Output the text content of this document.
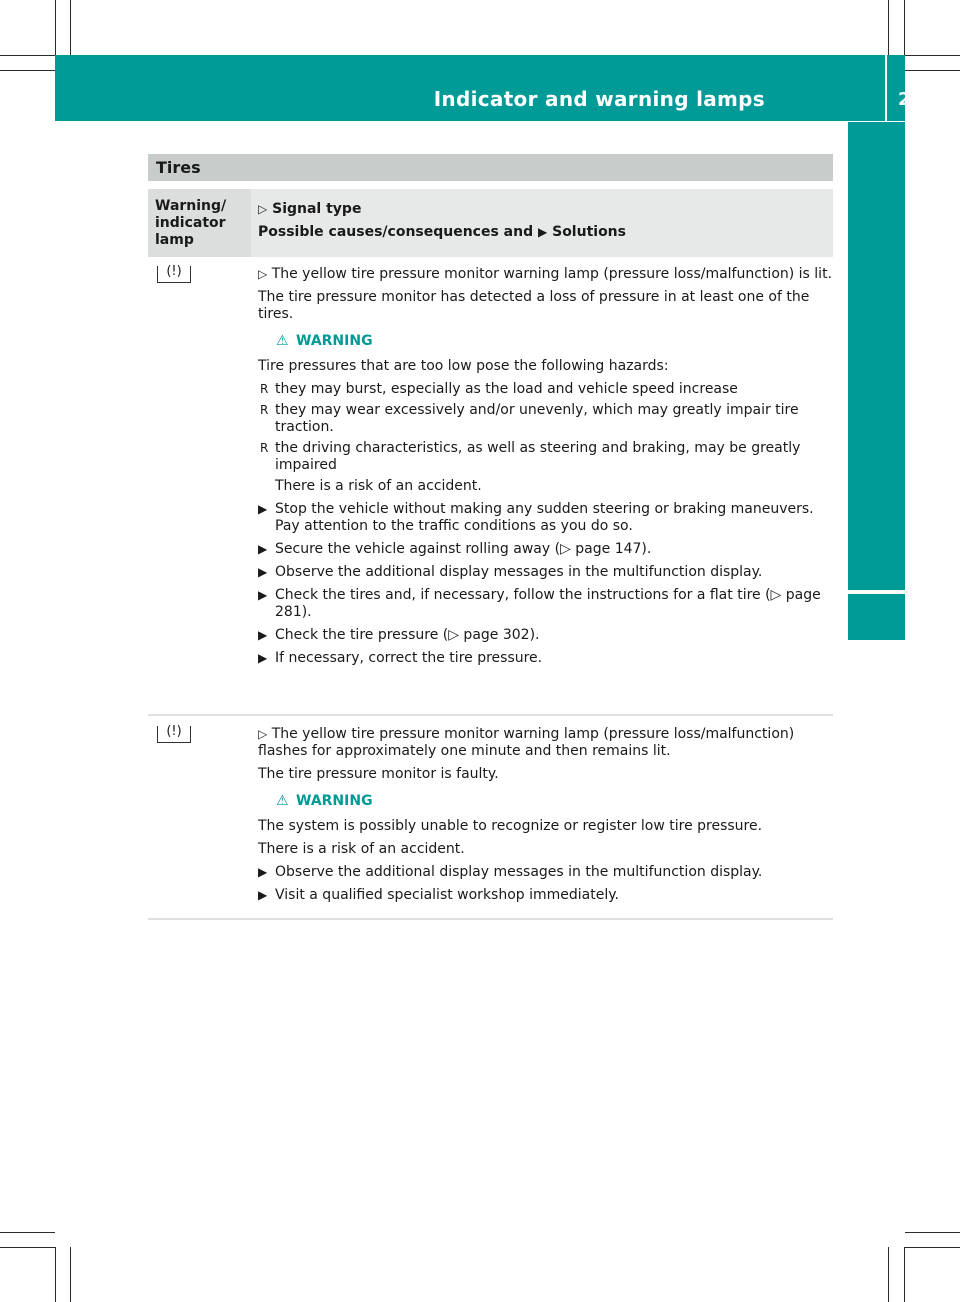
Indicator and warning lamps	245
On-board computer and displays
Tires
Warning/ indicator lamp
▷ Signal type
Possible causes/consequences and ▶ Solutions
(!)	▷ The yellow tire pressure monitor warning lamp (pressure loss/malfunction) is lit.

The tire pressure monitor has detected a loss of pressure in at least one of the tires.

⚠ WARNING

Tire pressures that are too low pose the following hazards:

R they may burst, especially as the load and vehicle speed increase
R they may wear excessively and/or unevenly, which may greatly impair tire traction.
R the driving characteristics, as well as steering and braking, may be greatly impaired

There is a risk of an accident.

▶ Stop the vehicle without making any sudden steering or braking maneuvers. Pay attention to the traffic conditions as you do so.
▶ Secure the vehicle against rolling away (▷ page 147).
▶ Observe the additional display messages in the multifunction display.
▶ Check the tires and, if necessary, follow the instructions for a flat tire (▷ page 281).
▶ Check the tire pressure (▷ page 302).
▶ If necessary, correct the tire pressure.
(!)	▷ The yellow tire pressure monitor warning lamp (pressure loss/malfunction) flashes for approximately one minute and then remains lit.

The tire pressure monitor is faulty.

⚠ WARNING

The system is possibly unable to recognize or register low tire pressure.

There is a risk of an accident.

▶ Observe the additional display messages in the multifunction display.
▶ Visit a qualified specialist workshop immediately.
